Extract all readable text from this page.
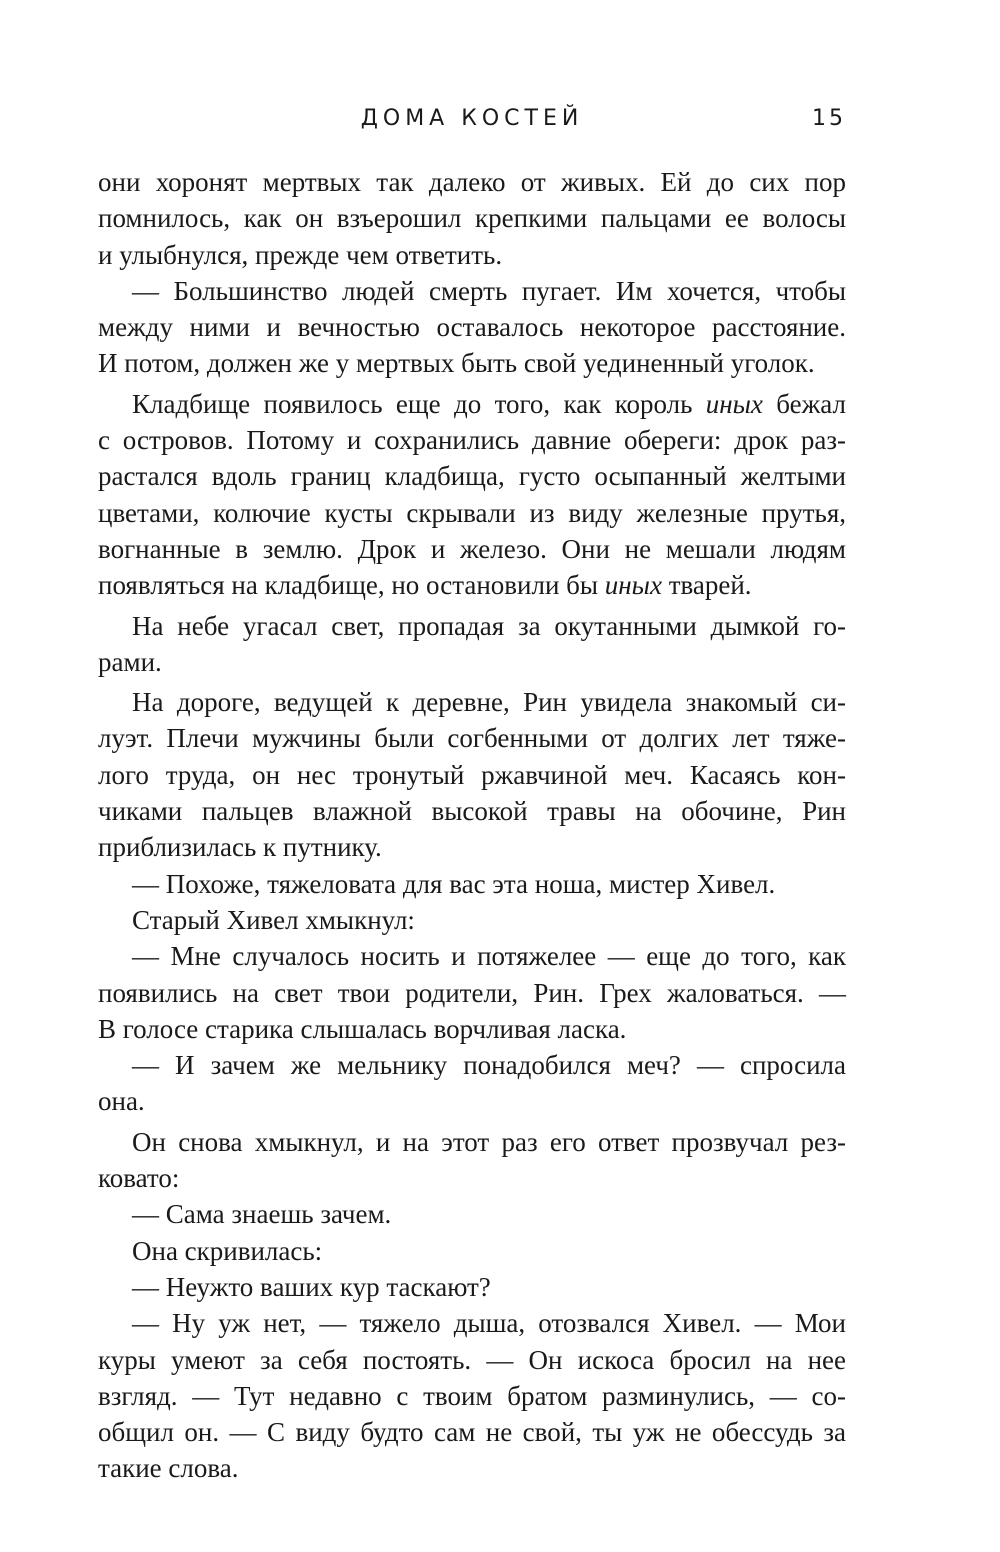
ДОМА КОСТЕЙ	15
они хоронят мертвых так далеко от живых. Ей до сих пор
помнилось, как он взъерошил крепкими пальцами ее волосы
и улыбнулся, прежде чем ответить.
— Большинство людей смерть пугает. Им хочется, чтобы
между ними и вечностью оставалось некоторое расстояние.
И потом, должен же у мертвых быть свой уединенный уголок.
Кладбище появилось еще до того, как король иных бежал
с островов. Потому и сохранились давние обереги: дрок раз-
растался вдоль границ кладбища, густо осыпанный желтыми
цветами, колючие кусты скрывали из виду железные прутья,
вогнанные в землю. Дрок и железо. Они не мешали людям
появляться на кладбище, но остановили бы иных тварей.
На небе угасал свет, пропадая за окутанными дымкой го-
рами.
На дороге, ведущей к деревне, Рин увидела знакомый си-
луэт. Плечи мужчины были согбенными от долгих лет тяже-
лого труда, он нес тронутый ржавчиной меч. Касаясь кон-
чиками пальцев влажной высокой травы на обочине, Рин
приблизилась к путнику.
— Похоже, тяжеловата для вас эта ноша, мистер Хивел.
Старый Хивел хмыкнул:
— Мне случалось носить и потяжелее — еще до того, как
появились на свет твои родители, Рин. Грех жаловаться. —
В голосе старика слышалась ворчливая ласка.
— И зачем же мельнику понадобился меч? — спросила
она.
Он снова хмыкнул, и на этот раз его ответ прозвучал рез-
ковато:
— Сама знаешь зачем.
Она скривилась:
— Неужто ваших кур таскают?
— Ну уж нет, — тяжело дыша, отозвался Хивел. — Мои
куры умеют за себя постоять. — Он искоса бросил на нее
взгляд. — Тут недавно с твоим братом разминулись, — со-
общил он. — С виду будто сам не свой, ты уж не обессудь за
такие слова.
